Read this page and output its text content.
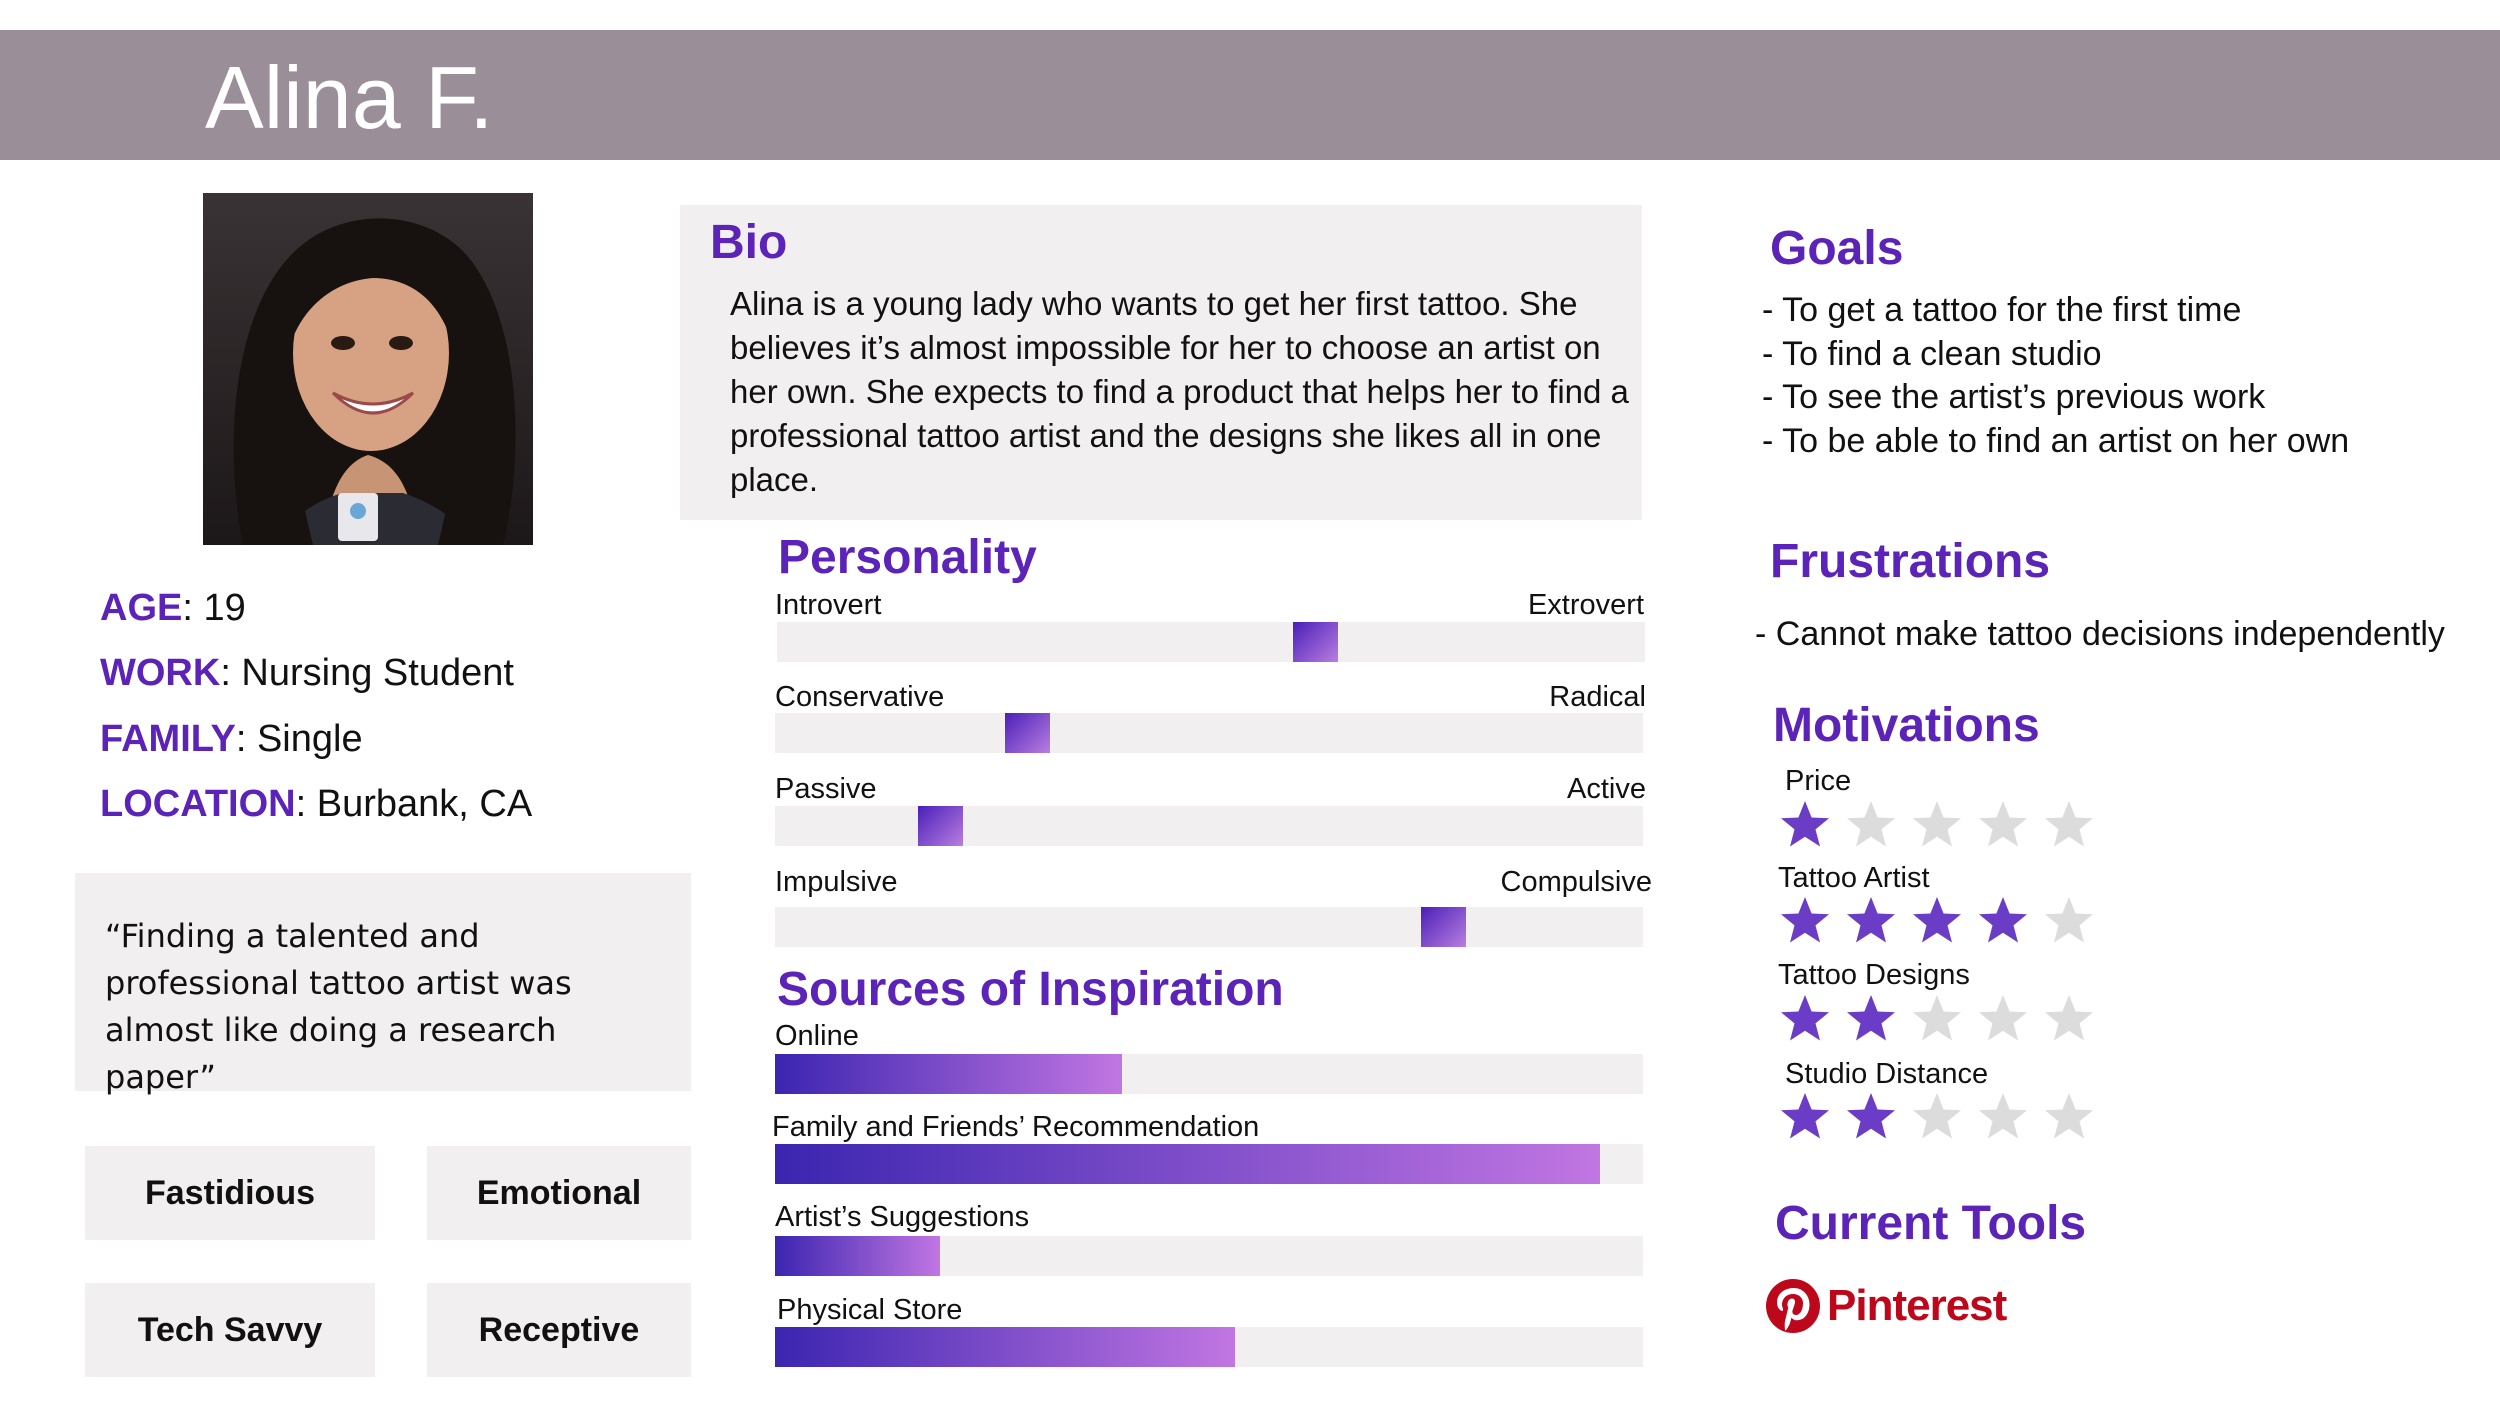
Alina F.
AGE: 19
WORK: Nursing Student
FAMILY: Single
LOCATION: Burbank, CA
“Finding a talented and professional tattoo artist was almost like doing a research paper”
Fastidious	Emotional
Tech Savvy	Receptive
Bio
Alina is a young lady who wants to get her first tattoo. She believes it’s almost impossible for her to choose an artist on her own. She expects to find a product that helps her to find a professional tattoo artist and the designs she likes all in one place.
Personality
Introvert	Extrovert
Conservative	Radical
Passive	Active
Impulsive	Compulsive
Sources of Inspiration
Online
Family and Friends’ Recommendation
Artist’s Suggestions
Physical Store
Goals
- To get a tattoo for the first time
- To find a clean studio
- To see the artist’s previous work
- To be able to find an artist on her own
Frustrations
- Cannot make tattoo decisions independently
Motivations
Price
Tattoo Artist
Tattoo Designs
Studio Distance
Current Tools
Pinterest
